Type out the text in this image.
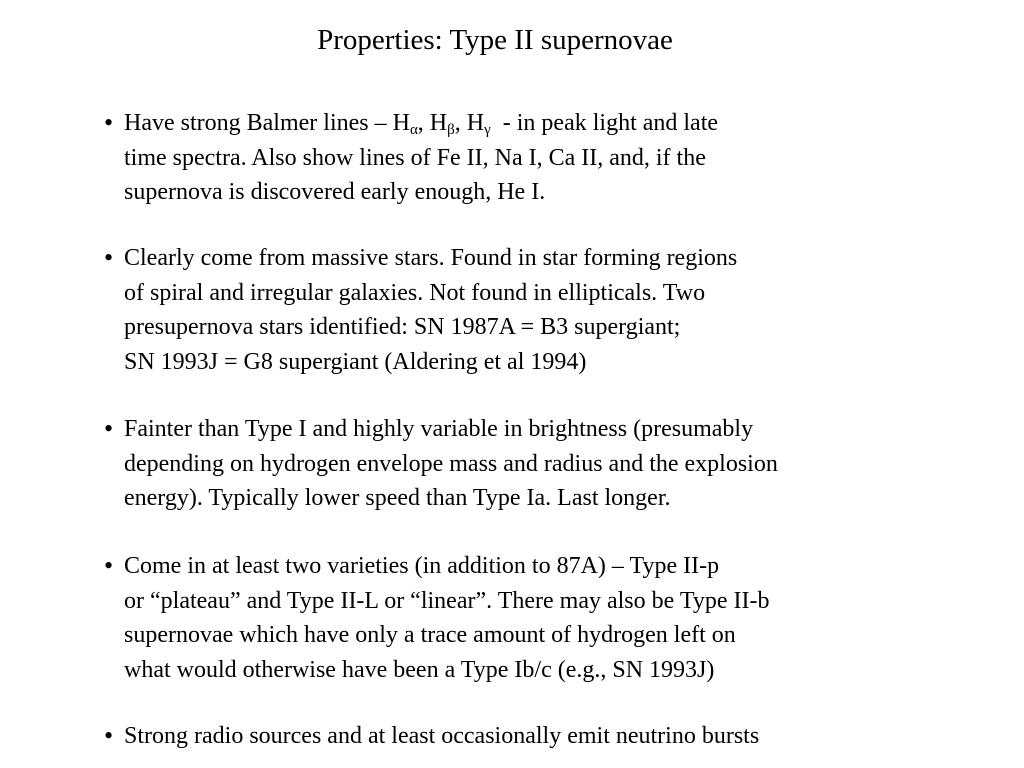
Properties: Type II supernovae
• Have strong Balmer lines – $H_\alpha$, $H_\beta$, $H_\gamma$  - in peak light and late
time spectra. Also show lines of Fe II, Na I, Ca II, and, if the
supernova is discovered early enough, He I.
• Clearly come from massive stars. Found in star forming regions
of spiral and irregular galaxies. Not found in ellipticals. Two
presupernova stars identified: SN 1987A = B3 supergiant;
SN 1993J = G8 supergiant (Aldering et al 1994)
• Fainter than Type I and highly variable in brightness (presumably
depending on hydrogen envelope mass and radius and the explosion
energy). Typically lower speed than Type Ia. Last longer.
• Come in at least two varieties (in addition to 87A) – Type II-p
or “plateau” and Type II-L or “linear”. There may also be Type II-b
supernovae which have only a trace amount of hydrogen left on
what would otherwise have been a Type Ib/c (e.g., SN 1993J)
• Strong radio sources and at least occasionally emit neutrino bursts
